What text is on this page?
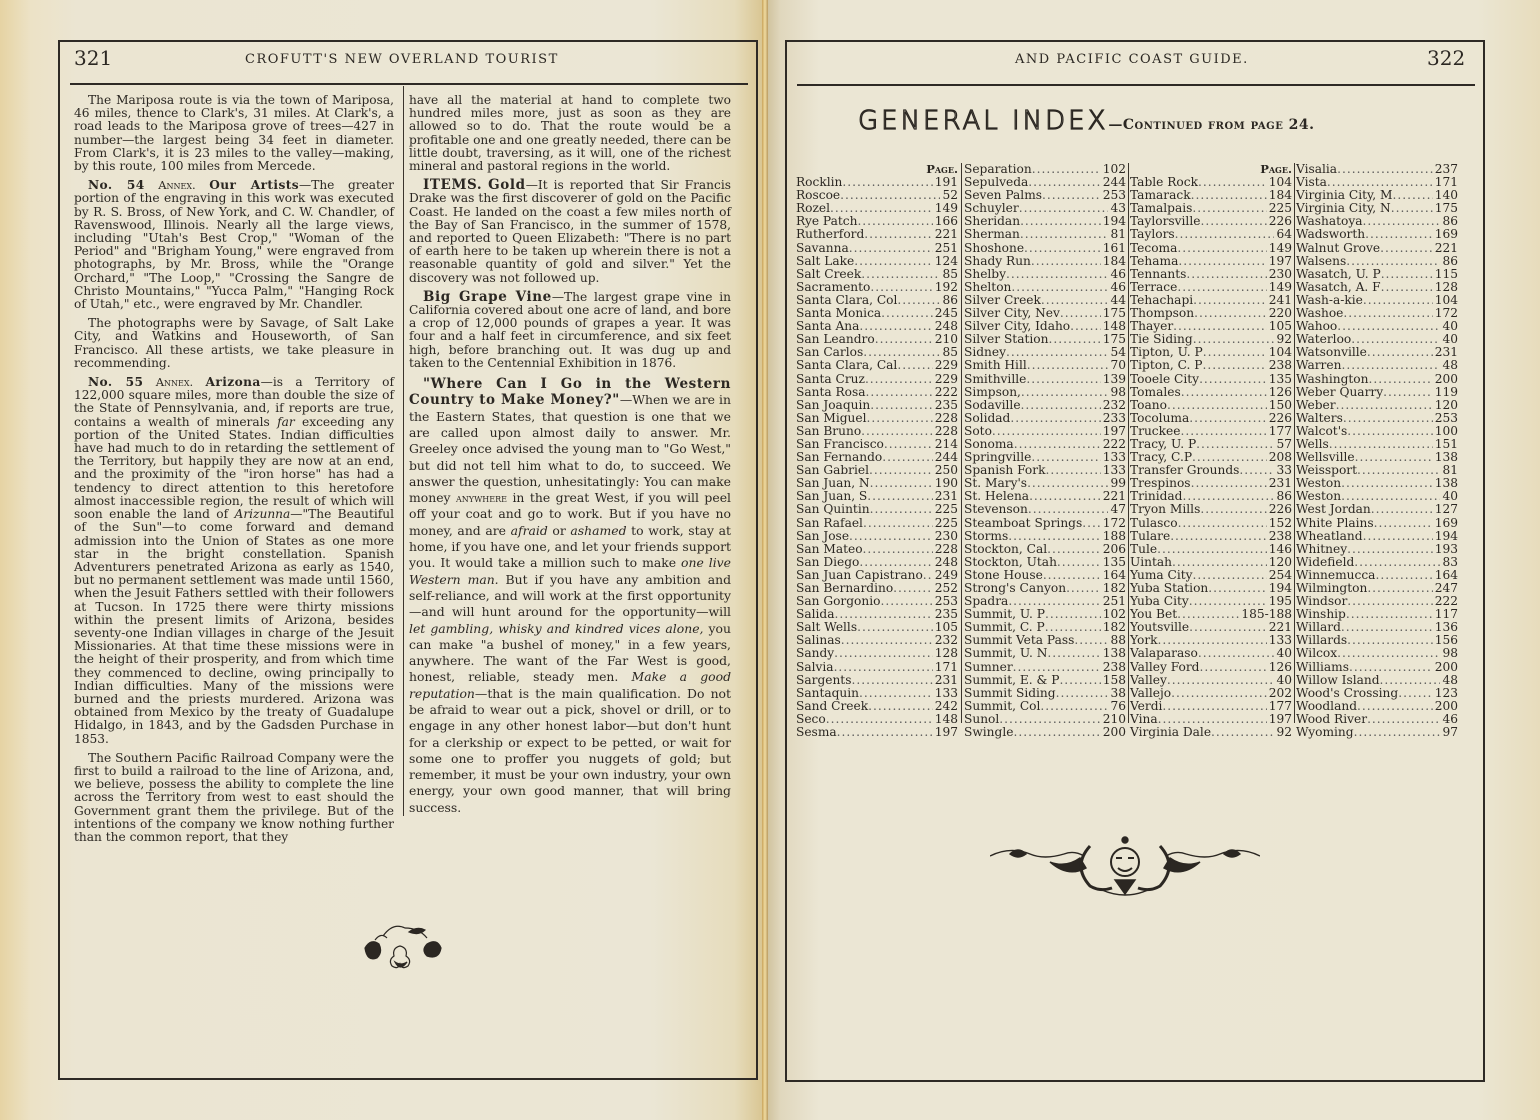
321	CROFUTT'S NEW OVERLAND TOURIST

The Mariposa route is via the town of Mariposa, 46 miles, thence to Clark's, 31 miles. At Clark's, a road leads to the Mariposa grove of trees—427 in number—the largest being 34 feet in diameter. From Clark's, it is 23 miles to the valley—making, by this route, 100 miles from Mercede.

No. 54 Annex. Our Artists—The greater portion of the engraving in this work was executed by R. S. Bross, of New York, and C. W. Chandler, of Ravenswood, Illinois. Nearly all the large views, including "Utah's Best Crop," "Woman of the Period" and "Brigham Young," were engraved from photographs, by Mr. Bross, while the "Orange Orchard," "The Loop," "Crossing the Sangre de Christo Mountains," "Yucca Palm," "Hanging Rock of Utah," etc., were engraved by Mr. Chandler.

The photographs were by Savage, of Salt Lake City, and Watkins and Houseworth, of San Francisco. All these artists, we take pleasure in recommending.

No. 55 Annex. Arizona—is a Territory of 122,000 square miles, more than double the size of the State of Pennsylvania, and, if reports are true, contains a wealth of minerals far exceeding any portion of the United States. Indian difficulties have had much to do in retarding the settlement of the Territory, but happily they are now at an end, and the proximity of the "iron horse" has had a tendency to direct attention to this heretofore almost inaccessible region, the result of which will soon enable the land of Arizunna—"The Beautiful of the Sun"—to come forward and demand admission into the Union of States as one more star in the bright constellation. Spanish Adventurers penetrated Arizona as early as 1540, but no permanent settlement was made until 1560, when the Jesuit Fathers settled with their followers at Tucson. In 1725 there were thirty missions within the present limits of Arizona, besides seventy-one Indian villages in charge of the Jesuit Missionaries. At that time these missions were in the height of their prosperity, and from which time they commenced to decline, owing principally to Indian difficulties. Many of the missions were burned and the priests murdered. Arizona was obtained from Mexico by the treaty of Guadalupe Hidalgo, in 1843, and by the Gadsden Purchase in 1853.

The Southern Pacific Railroad Company were the first to build a railroad to the line of Arizona, and, we believe, possess the ability to complete the line across the Territory from west to east should the Government grant them the privilege. But of the intentions of the company we know nothing further than the common report, that they

have all the material at hand to complete two hundred miles more, just as soon as they are allowed so to do. That the route would be a profitable one and one greatly needed, there can be little doubt, traversing, as it will, one of the richest mineral and pastoral regions in the world.

ITEMS. Gold—It is reported that Sir Francis Drake was the first discoverer of gold on the Pacific Coast. He landed on the coast a few miles north of the Bay of San Francisco, in the summer of 1578, and reported to Queen Elizabeth: "There is no part of earth here to be taken up wherein there is not a reasonable quantity of gold and silver." Yet the discovery was not followed up.

Big Grape Vine—The largest grape vine in California covered about one acre of land, and bore a crop of 12,000 pounds of grapes a year. It was four and a half feet in circumference, and six feet high, before branching out. It was dug up and taken to the Centennial Exhibition in 1876.

"Where Can I Go in the Western Country to Make Money?"—When we are in the Eastern States, that question is one that we are called upon almost daily to answer. Mr. Greeley once advised the young man to "Go West," but did not tell him what to do, to succeed. We answer the question, unhesitatingly: You can make money anywhere in the great West, if you will peel off your coat and go to work. But if you have no money, and are afraid or ashamed to work, stay at home, if you have one, and let your friends support you. It would take a million such to make one live Western man. But if you have any ambition and self-reliance, and will work at the first opportunity—and will hunt around for the opportunity—will let gambling, whisky and kindred vices alone, you can make "a bushel of money," in a few years, anywhere. The want of the Far West is good, honest, reliable, steady men. Make a good reputation—that is the main qualification. Do not be afraid to wear out a pick, shovel or drill, or to engage in any other honest labor—but don't hunt for a clerkship or expect to be petted, or wait for some one to proffer you nuggets of gold; but remember, it must be your own industry, your own energy, your own good manner, that will bring success.

AND PACIFIC COAST GUIDE.	322
GENERAL INDEX—Continued from page 24.
Page.
Rocklin .....	191
Roscoe .....	52
Rozel .....	149
Rye Patch .....	166
Rutherford .....	221
Savanna .....	251
Salt Lake .....	124
Salt Creek .....	85
Sacramento .....	192
Santa Clara, Col .....	86
Santa Monica .....	245
Santa Ana .....	248
San Leandro .....	210
San Carlos .....	85
Santa Clara, Cal .....	229
Santa Cruz .....	229
Santa Rosa .....	222
San Joaquin .....	235
San Miguel .....	228
San Bruno .....	228
San Francisco .....	214
San Fernando .....	244
San Gabriel .....	250
San Juan, N .....	190
San Juan, S .....	231
San Quintin .....	225
San Rafael .....	225
San Jose .....	230
San Mateo .....	228
San Diego .....	248
San Juan Capistrano ..... 249
San Bernardino .....	252
San Gorgonio .....	253
Salida .....	235
Salt Wells .....	105
Salinas .....	232
Sandy .....	128
Salvia .....	171
Sargents .....	231
Santaquin .....	133
Sand Creek .....	242
Seco .....	148
Sesma .....	197
Separation .....	102
Sepulveda .....	244
Seven Palms .....	253
Schuyler .....	43
Sheridan .....	194
Sherman .....	81
Shoshone .....	161
Shady Run .....	184
Shelby .....	46
Shelton .....	46
Silver Creek .....	44
Silver City, Nev .....	175
Silver City, Idaho .....	148
Silver Station .....	175
Sidney .....	54
Smith Hill .....	70
Smithville .....	139
Simpson, .....	98
Sodaville .....	232
Solidad .....	233
Soto .....	197
Sonoma .....	222
Springville .....	133
Spanish Fork .....	133
St. Mary's .....	99
St. Helena .....	221
Stevenson .....	47
Steamboat Springs ..... 172
Storms .....	188
Stockton, Cal .....	206
Stockton, Utah .....	135
Stone House .....	164
Strong's Canyon .....	182
Spadra .....	251
Summit, U. P .....	102
Summit, C. P .....	182
Summit Veta Pass .....	88
Summit, U. N .....	138
Sumner .....	238
Summit, E. & P .....	158
Summit Siding .....	38
Summit, Col .....	76
Sunol .....	210
Swingle .....	200
Page.
Table Rock .....	104
Tamarack .....	184
Tamalpais .....	225
Taylorsville .....	226
Taylors .....	64
Tecoma .....	149
Tehama .....	197
Tennants .....	230
Terrace .....	149
Tehachapi .....	241
Thompson .....	220
Thayer .....	105
Tie Siding .....	92
Tipton, U. P .....	104
Tipton, C. P .....	238
Tooele City .....	135
Tomales .....	126
Toano .....	150
Tocoluma .....	226
Truckee .....	177
Tracy, U. P .....	57
Tracy, C.P .....	208
Transfer Grounds .....	33
Trespinos .....	231
Trinidad .....	86
Tryon Mills .....	226
Tulasco .....	152
Tulare .....	238
Tule .....	146
Uintah .....	120
Yuma City .....	254
Yuba Station .....	194
Yuba City .....	195
You Bet .....	185-188
Youtsville .....	221
York .....	133
Valaparaso .....	40
Valley Ford .....	126
Valley .....	40
Vallejo .....	202
Verdi .....	177
Vina .....	197
Virginia Dale .....	92
Visalia .....	237
Vista .....	171
Virginia City, M .....	140
Virginia City, N .....	175
Washatoya .....	86
Wadsworth .....	169
Walnut Grove .....	221
Walsens .....	86
Wasatch, U. P .....	115
Wasatch, A. F .....	128
Wash-a-kie .....	104
Washoe .....	172
Wahoo .....	40
Waterloo .....	40
Watsonville .....	231
Warren .....	48
Washington .....	200
Weber Quarry .....	119
Weber .....	120
Walters .....	253
Walcot's .....	100
Wells .....	151
Wellsville .....	138
Weissport .....	81
Weston .....	138
Weston .....	40
West Jordan .....	127
White Plains .....	169
Wheatland .....	194
Whitney .....	193
Widefield .....	83
Winnemucca .....	164
Wilmington .....	247
Windsor .....	222
Winship .....	117
Willard .....	136
Willards .....	156
Wilcox .....	98
Williams .....	200
Willow Island .....	48
Wood's Crossing .....	123
Woodland .....	200
Wood River .....	46
Wyoming .....	97
